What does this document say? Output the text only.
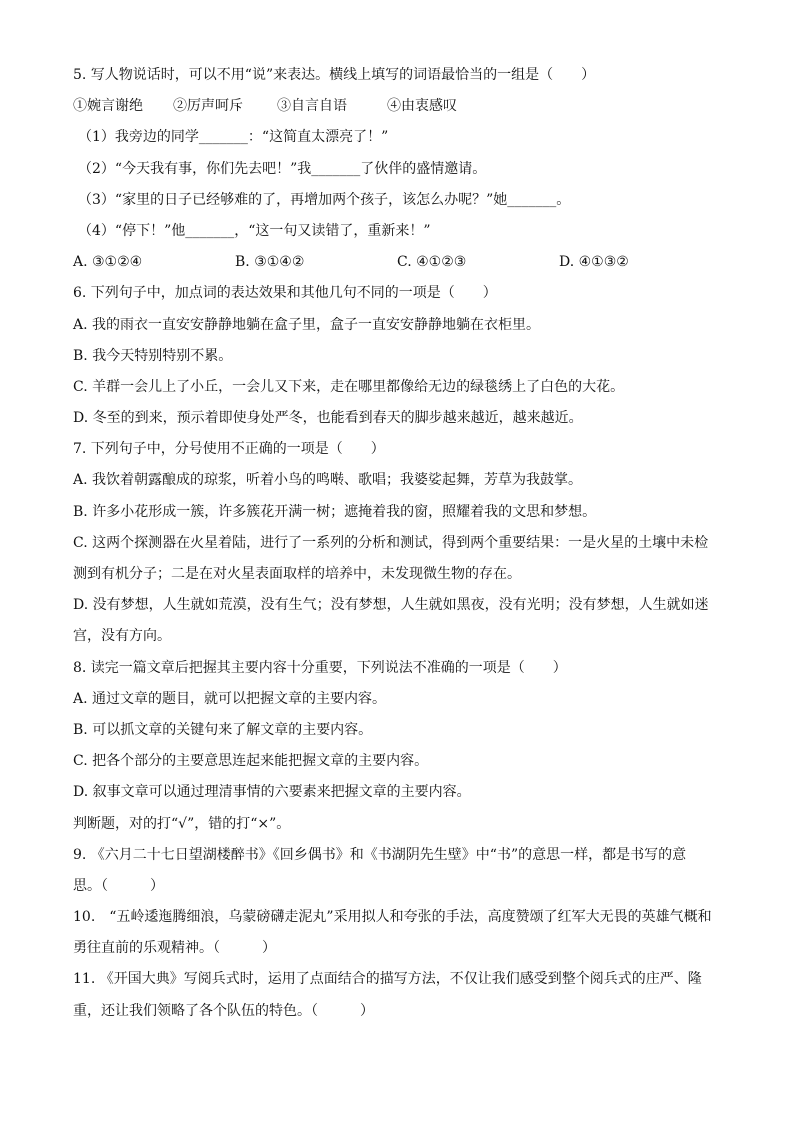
5. 写人物说话时，可以不用“说”来表达。横线上填写的词语最恰当的一组是（　　）
①婉言谢绝	②厉声呵斥	③自言自语	④由衷感叹
（1）我旁边的同学_______：“这简直太漂亮了！”
（2）“今天我有事，你们先去吧！”我_______了伙伴的盛情邀请。
（3）“家里的日子已经够难的了，再增加两个孩子，该怎么办呢？”她_______。
（4）“停下！”他_______，“这一句又读错了，重新来！”
A. ③①②④	B. ③①④②	C. ④①②③	D. ④①③②
6. 下列句子中，加点词的表达效果和其他几句不同的一项是（　　）
A. 我的雨衣一直安安静静地躺在盒子里，盒子一直安安静静地躺在衣柜里。
B. 我今天特别特别不累。
C. 羊群一会儿上了小丘，一会儿又下来，走在哪里都像给无边的绿毯绣上了白色的大花。
D. 冬至的到来，预示着即使身处严冬，也能看到春天的脚步越来越近，越来越近。
7. 下列句子中，分号使用不正确的一项是（　　）
A. 我饮着朝露酿成的琼浆，听着小鸟的鸣啭、歌唱；我婆娑起舞，芳草为我鼓掌。
B. 许多小花形成一簇，许多簇花开满一树；遮掩着我的窗，照耀着我的文思和梦想。
C. 这两个探测器在火星着陆，进行了一系列的分析和测试，得到两个重要结果：一是火星的土壤中未检
测到有机分子；二是在对火星表面取样的培养中，未发现微生物的存在。
D. 没有梦想，人生就如荒漠，没有生气；没有梦想，人生就如黑夜，没有光明；没有梦想，人生就如迷
宫，没有方向。
8. 读完一篇文章后把握其主要内容十分重要，下列说法不准确的一项是（　　）
A. 通过文章的题目，就可以把握文章的主要内容。
B. 可以抓文章的关键句来了解文章的主要内容。
C. 把各个部分的主要意思连起来能把握文章的主要内容。
D. 叙事文章可以通过理清事情的六要素来把握文章的主要内容。
判断题，对的打“√”，错的打“×”。
9. 《六月二十七日望湖楼醉书》《回乡偶书》和《书湖阴先生壁》中“书”的意思一样，都是书写的意
思。（　　　）
10.　“五岭逶迤腾细浪，乌蒙磅礴走泥丸”采用拟人和夸张的手法，高度赞颂了红军大无畏的英雄气概和
勇往直前的乐观精神。（　　　）
11. 《开国大典》写阅兵式时，运用了点面结合的描写方法，不仅让我们感受到整个阅兵式的庄严、隆
重，还让我们领略了各个队伍的特色。（　　　）
